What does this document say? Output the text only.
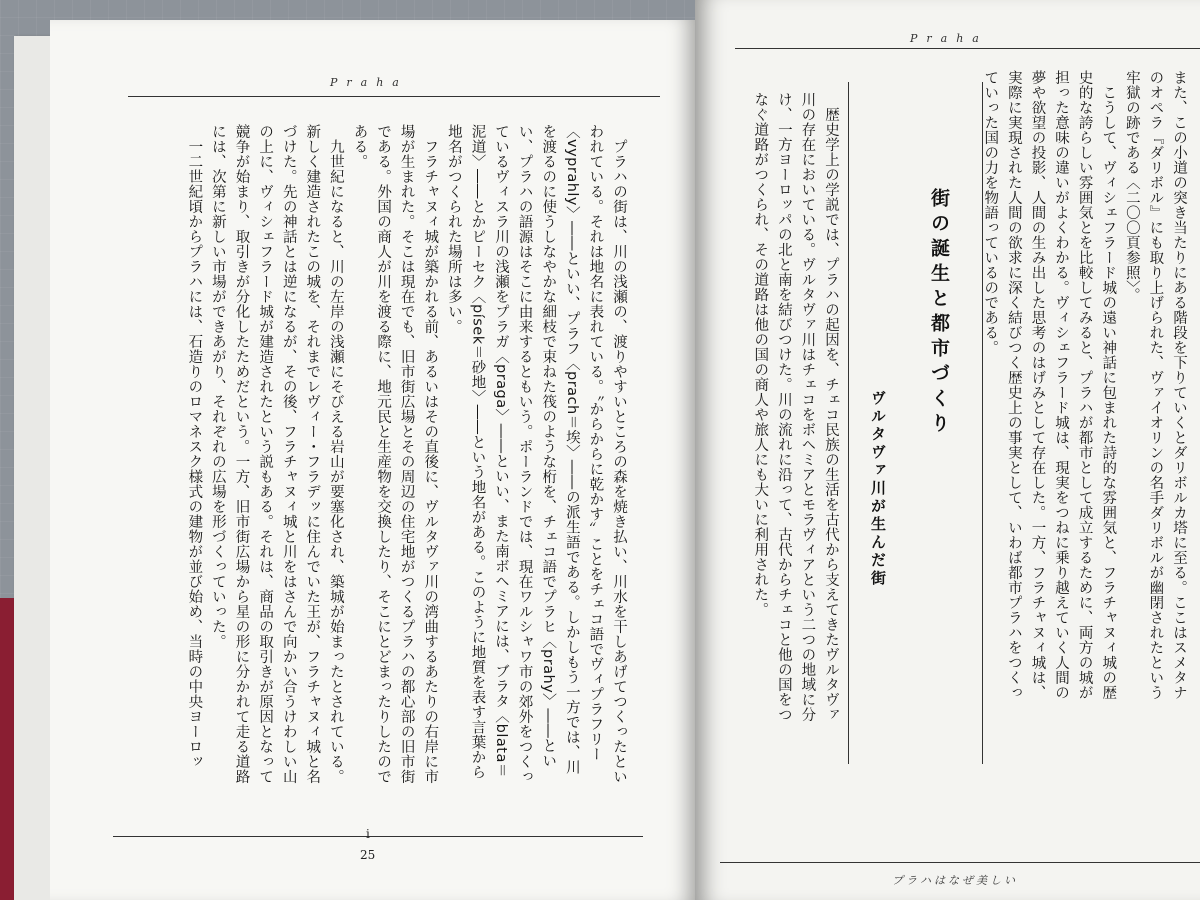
Praha
　プラハの街は、川の浅瀬の、渡りやすいところの森を焼き払い、川水を干しあげてつくったといわれている。それは地名に表れている。〝からからに乾かす〟ことをチェコ語でヴィプラフリー〈vyprahly〉――といい、プラフ〈prach＝埃〉――の派生語である。しかしもう一方では、川を渡るのに使うしなやかな細枝で束ねた筏のような桁を、チェコ語でプラヒ〈prahy〉――といい、プラハの語源はそこに由来するともいう。ポーランドでは、現在ワルシャワ市の郊外をつくっているヴィスラ川の浅瀬をプラガ〈praga〉――といい、また南ボヘミアには、ブラタ〈blata＝泥道〉――とかピーセク〈písek＝砂地〉――という地名がある。このように地質を表す言葉から地名がつくられた場所は多い。
　フラチャヌィ城が築かれる前、あるいはその直後に、ヴルタヴァ川の湾曲するあたりの右岸に市場が生まれた。そこは現在でも、旧市街広場とその周辺の住宅地がつくるプラハの都心部の旧市街である。外国の商人が川を渡る際に、地元民と生産物を交換したり、そこにとどまったりしたのである。
　九世紀になると、川の左岸の浅瀬にそびえる岩山が要塞化され、築城が始まったとされている。新しく建造されたこの城を、それまでレヴィー・フラデッに住んでいた王が、フラチャヌィ城と名づけた。先の神話とは逆になるが、その後、フラチャヌィ城と川をはさんで向かい合うけわしい山の上に、ヴィシェフラード城が建造されたという説もある。それは、商品の取引きが原因となって競争が始まり、取引きが分化したためだという。一方、旧市街広場から星の形に分かれて走る道路には、次第に新しい市場ができあがり、それぞれの広場を形づくっていった。
　一二世紀頃からプラハには、石造りのロマネスク様式の建物が並び始め、当時の中央ヨーロッ
i
25
Praha
また、この小道の突き当たりにある階段を下りていくとダリボルカ塔に至る。ここはスメタナのオペラ『ダリボル』にも取り上げられた、ヴァイオリンの名手ダリボルが幽閉されたという牢獄の跡である〈二〇〇頁参照〉。
　こうして、ヴィシェフラード城の遠い神話に包まれた詩的な雰囲気と、フラチャヌィ城の歴史的な誇らしい雰囲気とを比較してみると、プラハが都市として成立するために、両方の城が担った意味の違いがよくわかる。ヴィシェフラード城は、現実をつねに乗り越えていく人間の夢や欲望の投影、人間の生み出した思考のはげみとして存在した。一方、フラチャヌィ城は、実際に実現された人間の欲求に深く結びつく歴史上の事実として、いわば都市プラハをつくっていった国の力を物語っているのである。
街の誕生と都市づくり
ヴルタヴァ川が生んだ街
　歴史学上の学説では、プラハの起因を、チェコ民族の生活を古代から支えてきたヴルタヴァ川の存在においている。ヴルタヴァ川はチェコをボヘミアとモラヴィアという二つの地域に分け、一方ヨーロッパの北と南を結びつけた。川の流れに沿って、古代からチェコと他の国をつなぐ道路がつくられ、その道路は他の国の商人や旅人にも大いに利用された。
プラハはなぜ美しい
